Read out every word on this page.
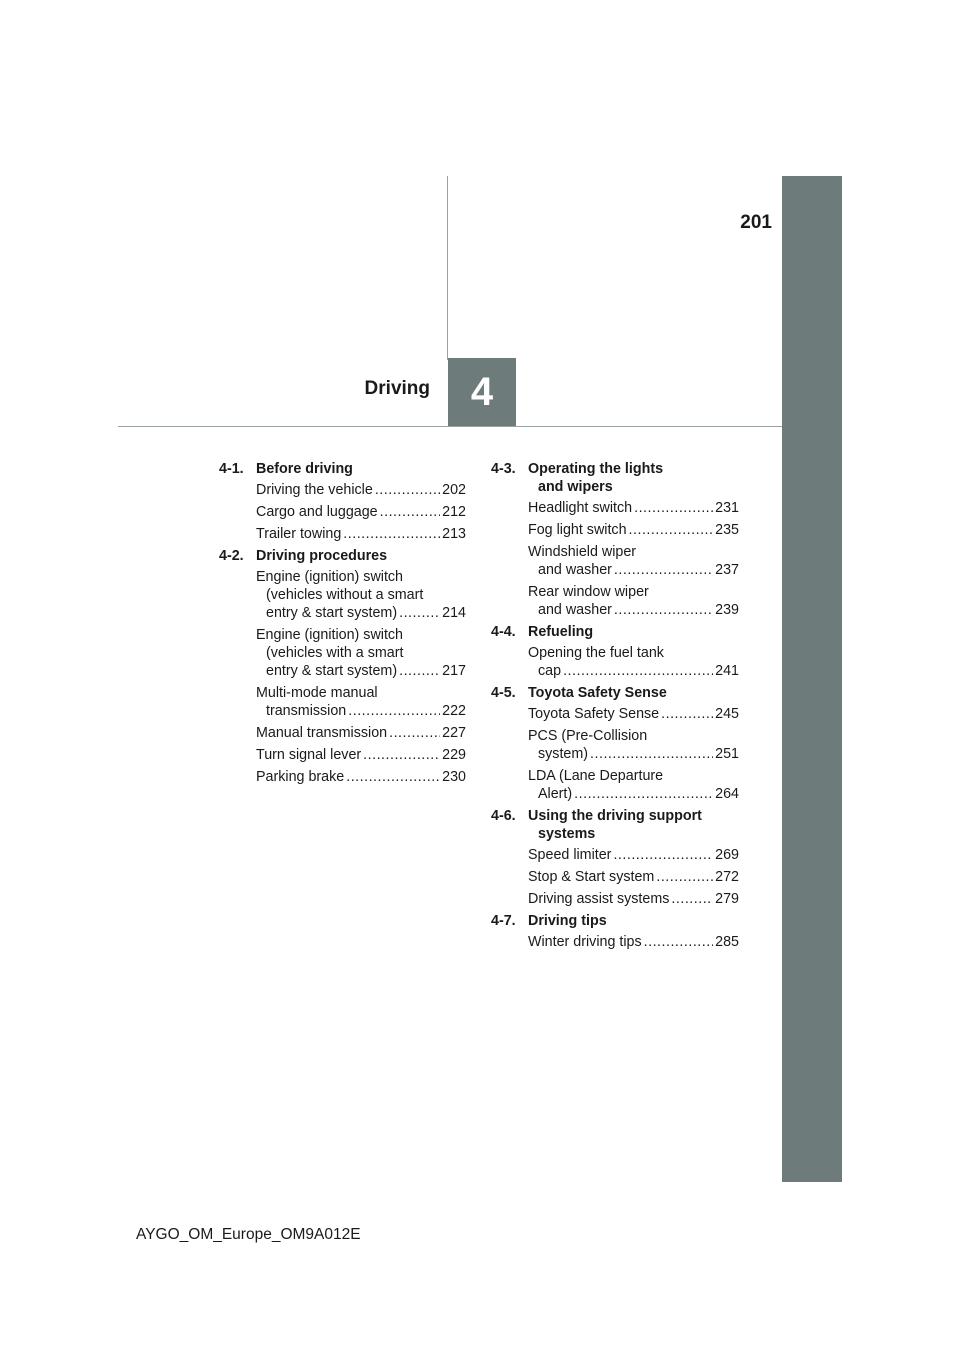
201
4
Driving
4-1. Before driving
Driving the vehicle .....	202
Cargo and luggage .....	212
Trailer towing .....	213
4-2. Driving procedures
Engine (ignition) switch
(vehicles without a smart
entry & start system) .....	214
Engine (ignition) switch
(vehicles with a smart
entry & start system) .....	217
Multi-mode manual
transmission .....	222
Manual transmission .....	227
Turn signal lever .....	229
Parking brake .....	230
4-3. Operating the lights
and wipers
Headlight switch .....	231
Fog light switch .....	235
Windshield wiper
and washer .....	237
Rear window wiper
and washer .....	239
4-4. Refueling
Opening the fuel tank
cap .....	241
4-5. Toyota Safety Sense
Toyota Safety Sense .....	245
PCS (Pre-Collision
system) .....	251
LDA (Lane Departure
Alert) .....	264
4-6. Using the driving support
systems
Speed limiter .....	269
Stop & Start system .....	272
Driving assist systems .....	279
4-7. Driving tips
Winter driving tips .....	285
AYGO_OM_Europe_OM9A012E
